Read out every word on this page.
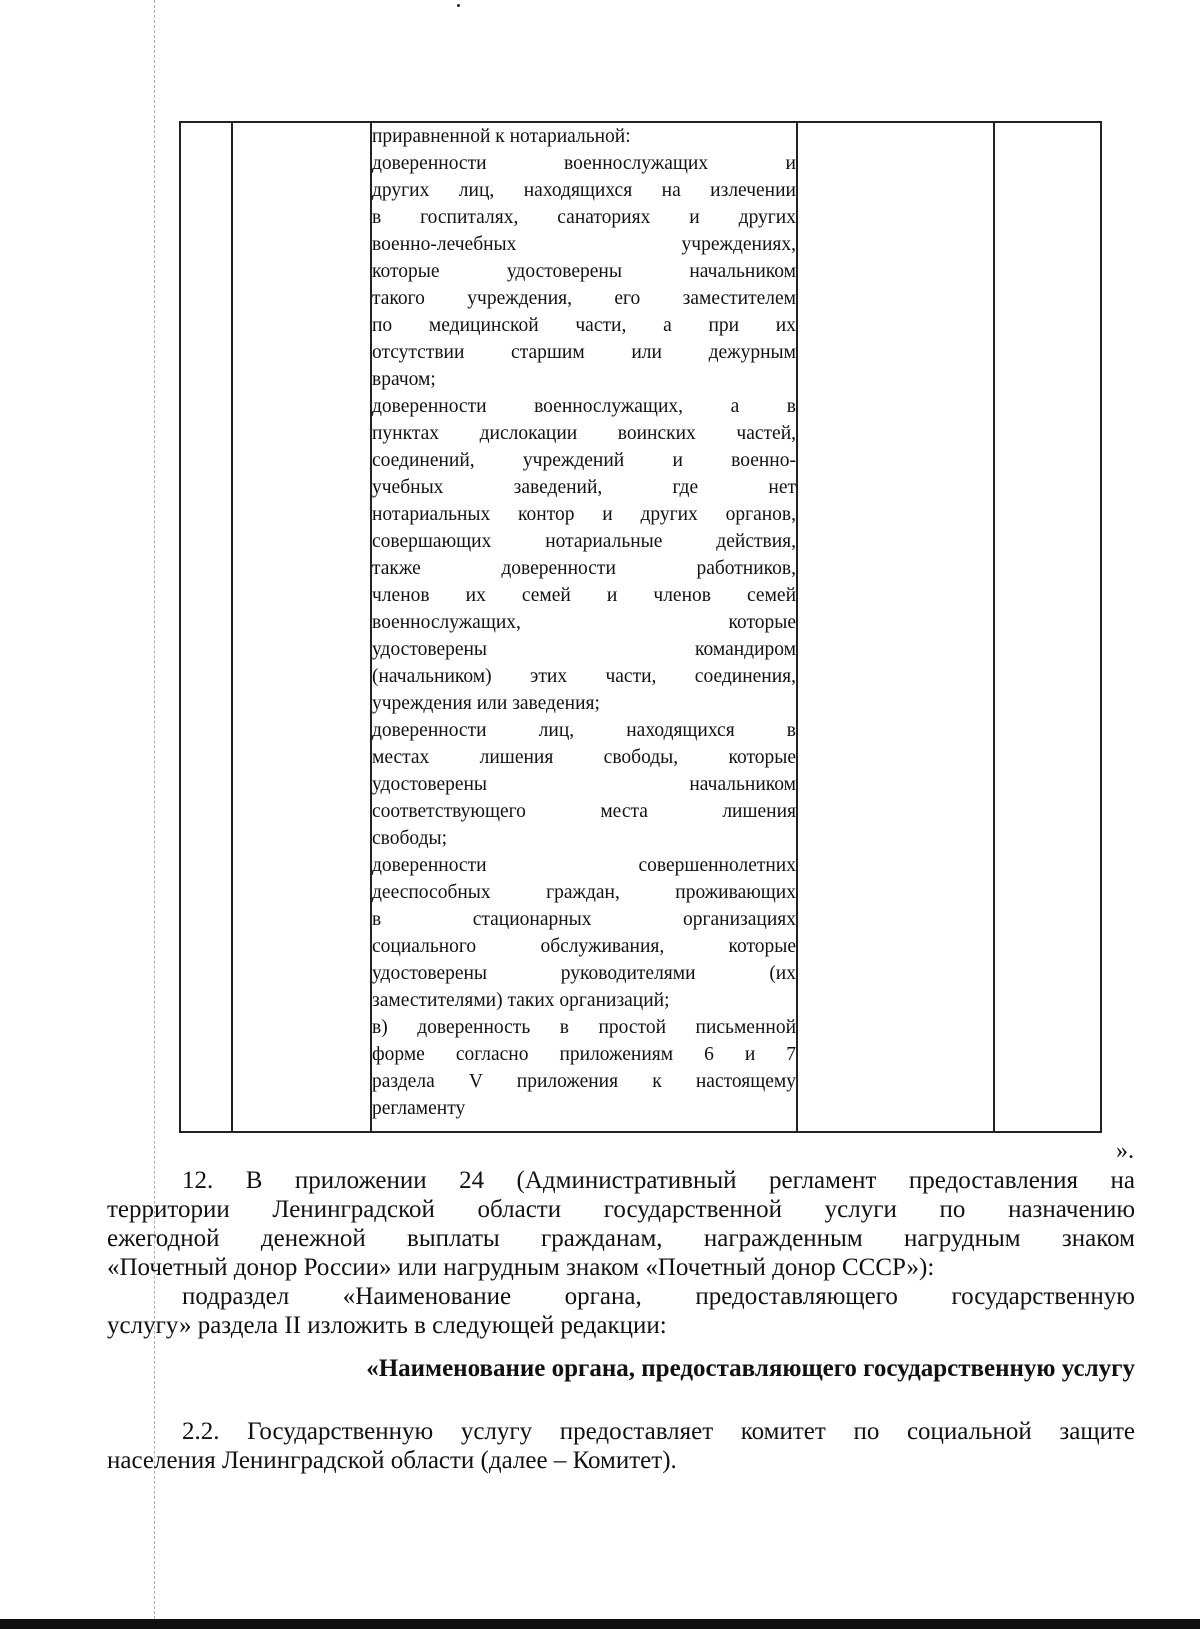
приравненной к нотариальной:
доверенности военнослужащих и
других лиц, находящихся на излечении
в госпиталях, санаториях и других
военно-лечебных учреждениях,
которые удостоверены начальником
такого учреждения, его заместителем
по медицинской части, а при их
отсутствии старшим или дежурным
врачом;
доверенности военнослужащих, а в
пунктах дислокации воинских частей,
соединений, учреждений и военно-
учебных заведений, где нет
нотариальных контор и других органов,
совершающих нотариальные действия,
также доверенности работников,
членов их семей и членов семей
военнослужащих, которые
удостоверены командиром
(начальником) этих части, соединения,
учреждения или заведения;
доверенности лиц, находящихся в
местах лишения свободы, которые
удостоверены начальником
соответствующего места лишения
свободы;
доверенности совершеннолетних
дееспособных граждан, проживающих
в стационарных организациях
социального обслуживания, которые
удостоверены руководителями (их
заместителями) таких организаций;
в) доверенность в простой письменной
форме согласно приложениям 6 и 7
раздела V приложения к настоящему
регламенту

».
12. В приложении 24 (Административный регламент предоставления на
территории Ленинградской области государственной услуги по назначению
ежегодной денежной выплаты гражданам, награжденным нагрудным знаком
«Почетный донор России» или нагрудным знаком «Почетный донор СССР»):
подраздел «Наименование органа, предоставляющего государственную
услугу» раздела II изложить в следующей редакции:
«Наименование органа, предоставляющего государственную услугу
2.2. Государственную услугу предоставляет комитет по социальной защите
населения Ленинградской области (далее – Комитет).
